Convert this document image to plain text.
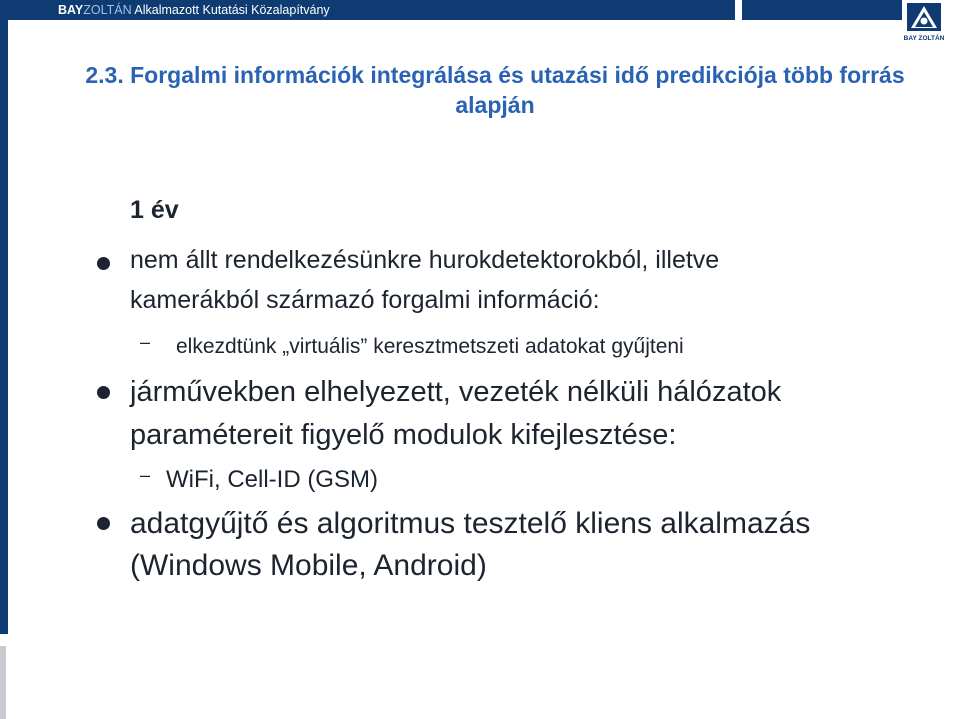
BAYZOLTÁN Alkalmazott Kutatási Közalapítvány
BAY ZOLTÁN
2.3. Forgalmi információk integrálása és utazási idő predikciója több forrás alapján
1 év
nem állt rendelkezésünkre hurokdetektorokból, illetve
kamerákból származó forgalmi információ:
– elkezdtünk „virtuális” keresztmetszeti adatokat gyűjteni
járművekben elhelyezett, vezeték nélküli hálózatok
paramétereit figyelő modulok kifejlesztése:
– WiFi, Cell-ID (GSM)
adatgyűjtő és algoritmus tesztelő kliens alkalmazás
(Windows Mobile, Android)
